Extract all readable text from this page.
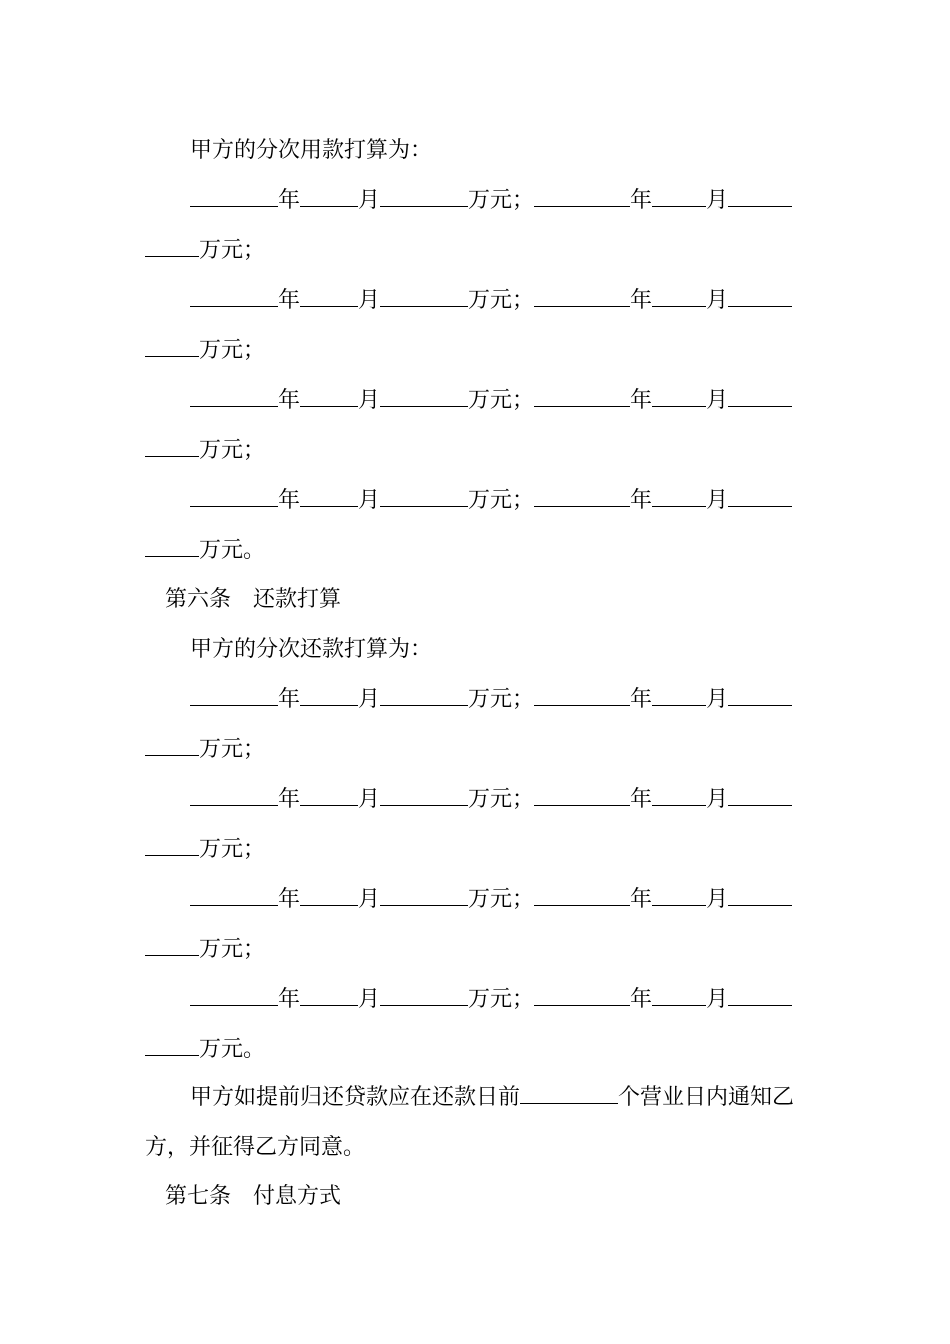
甲方的分次用款打算为：
年	月	万元；	年 月
万元；
年	月	万元；	年 月
万元；
年	月	万元；	年 月
万元；
年	月	万元；	年 月
万元。
第六条 还款打算
甲方的分次还款打算为：
年	月	万元；	年 月
万元；
年	月	万元；	年 月
万元；
年	月	万元；	年 月
万元；
年	月	万元；	年 月
万元。
甲方如提前归还贷款应在还款日前	个营业日内通知乙
方，并征得乙方同意。
第七条 付息方式
